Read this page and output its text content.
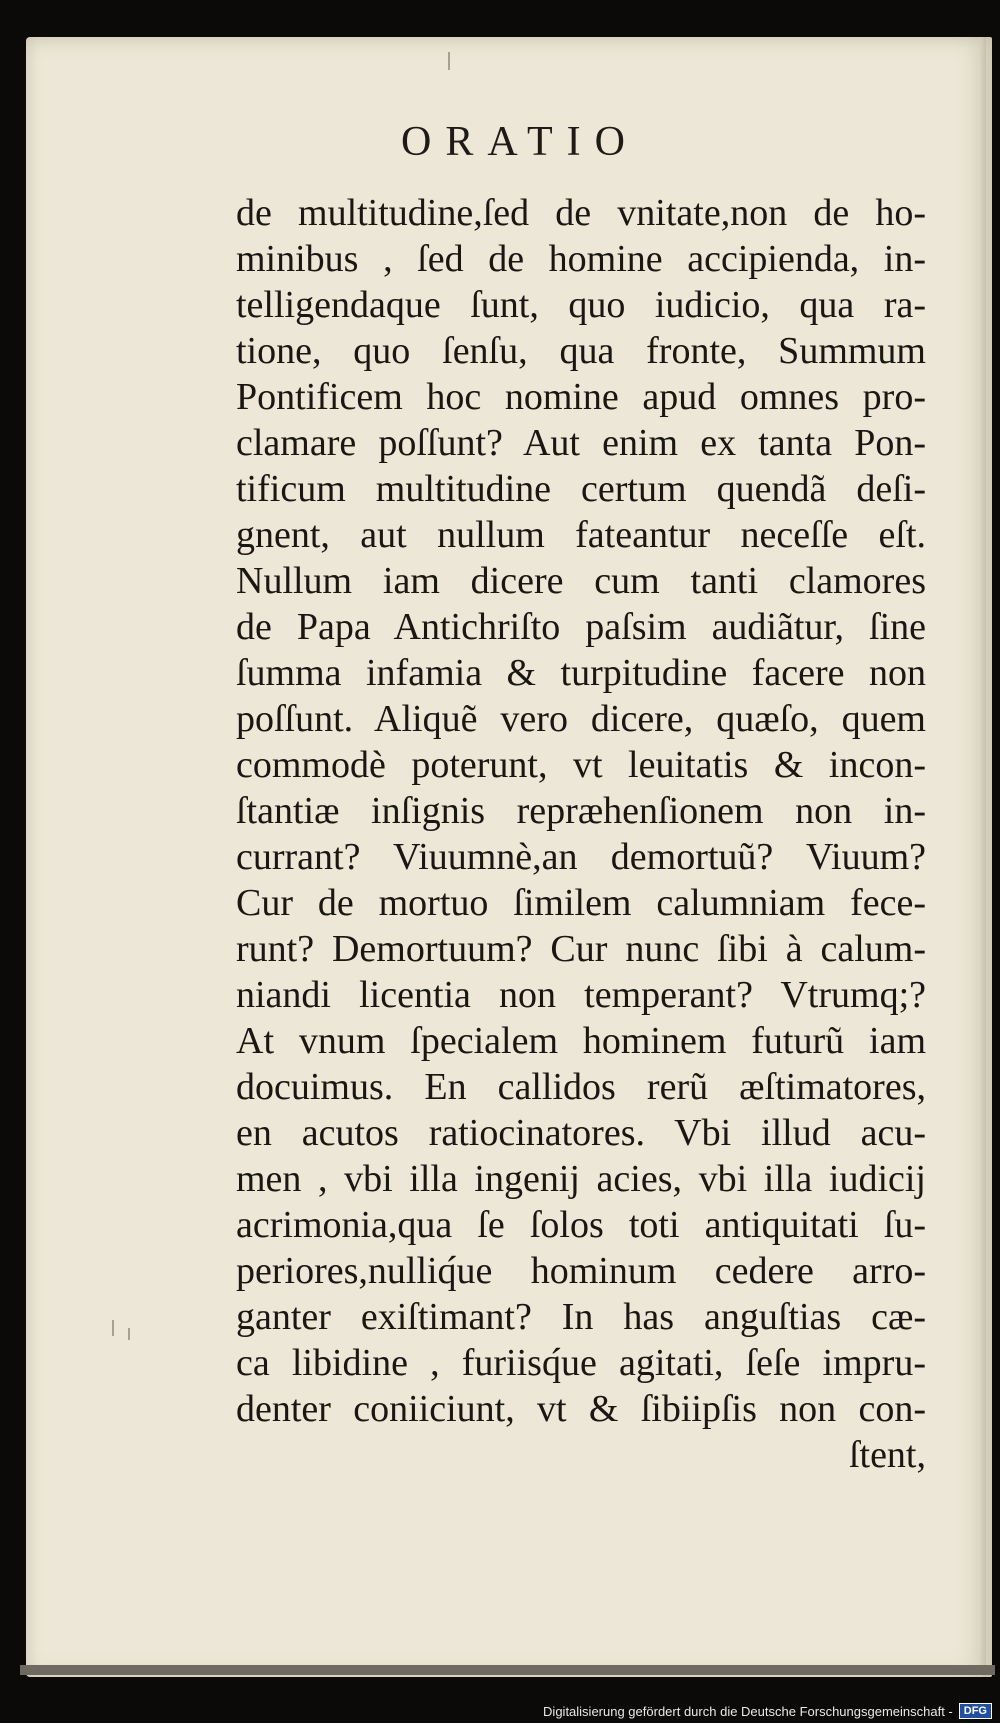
ORATIO
de multitudine,ſed de vnitate,non de ho-
minibus , ſed de homine accipienda, in-
telligendaque ſunt, quo iudicio, qua ra-
tione, quo ſenſu, qua fronte, Summum
Pontificem hoc nomine apud omnes pro-
clamare poſſunt? Aut enim ex tanta Pon-
tificum multitudine certum quendã deſi-
gnent, aut nullum fateantur neceſſe eſt.
Nullum iam dicere cum tanti clamores
de Papa Antichriſto paſsim audiãtur, ſine
ſumma infamia & turpitudine facere non
poſſunt. Aliquẽ vero dicere, quæſo, quem
commodè poterunt, vt leuitatis & incon-
ſtantiæ inſignis repræhenſionem non in-
currant? Viuumnè,an demortuũ? Viuum?
Cur de mortuo ſimilem calumniam fece-
runt? Demortuum? Cur nunc ſibi à calum-
niandi licentia non temperant? Vtrumq;?
At vnum ſpecialem hominem futurũ iam
docuimus. En callidos rerũ æſtimatores,
en acutos ratiocinatores. Vbi illud acu-
men , vbi illa ingenij acies, vbi illa iudicij
acrimonia,qua ſe ſolos toti antiquitati ſu-
periores,nulliq́ue hominum cedere arro-
ganter exiſtimant? In has anguſtias cæ-
ca libidine , furiisq́ue agitati, ſeſe impru-
denter coniiciunt, vt & ſibiipſis non con-
ſtent,
Digitalisierung gefördert durch die Deutsche Forschungsgemeinschaft -	DFG
